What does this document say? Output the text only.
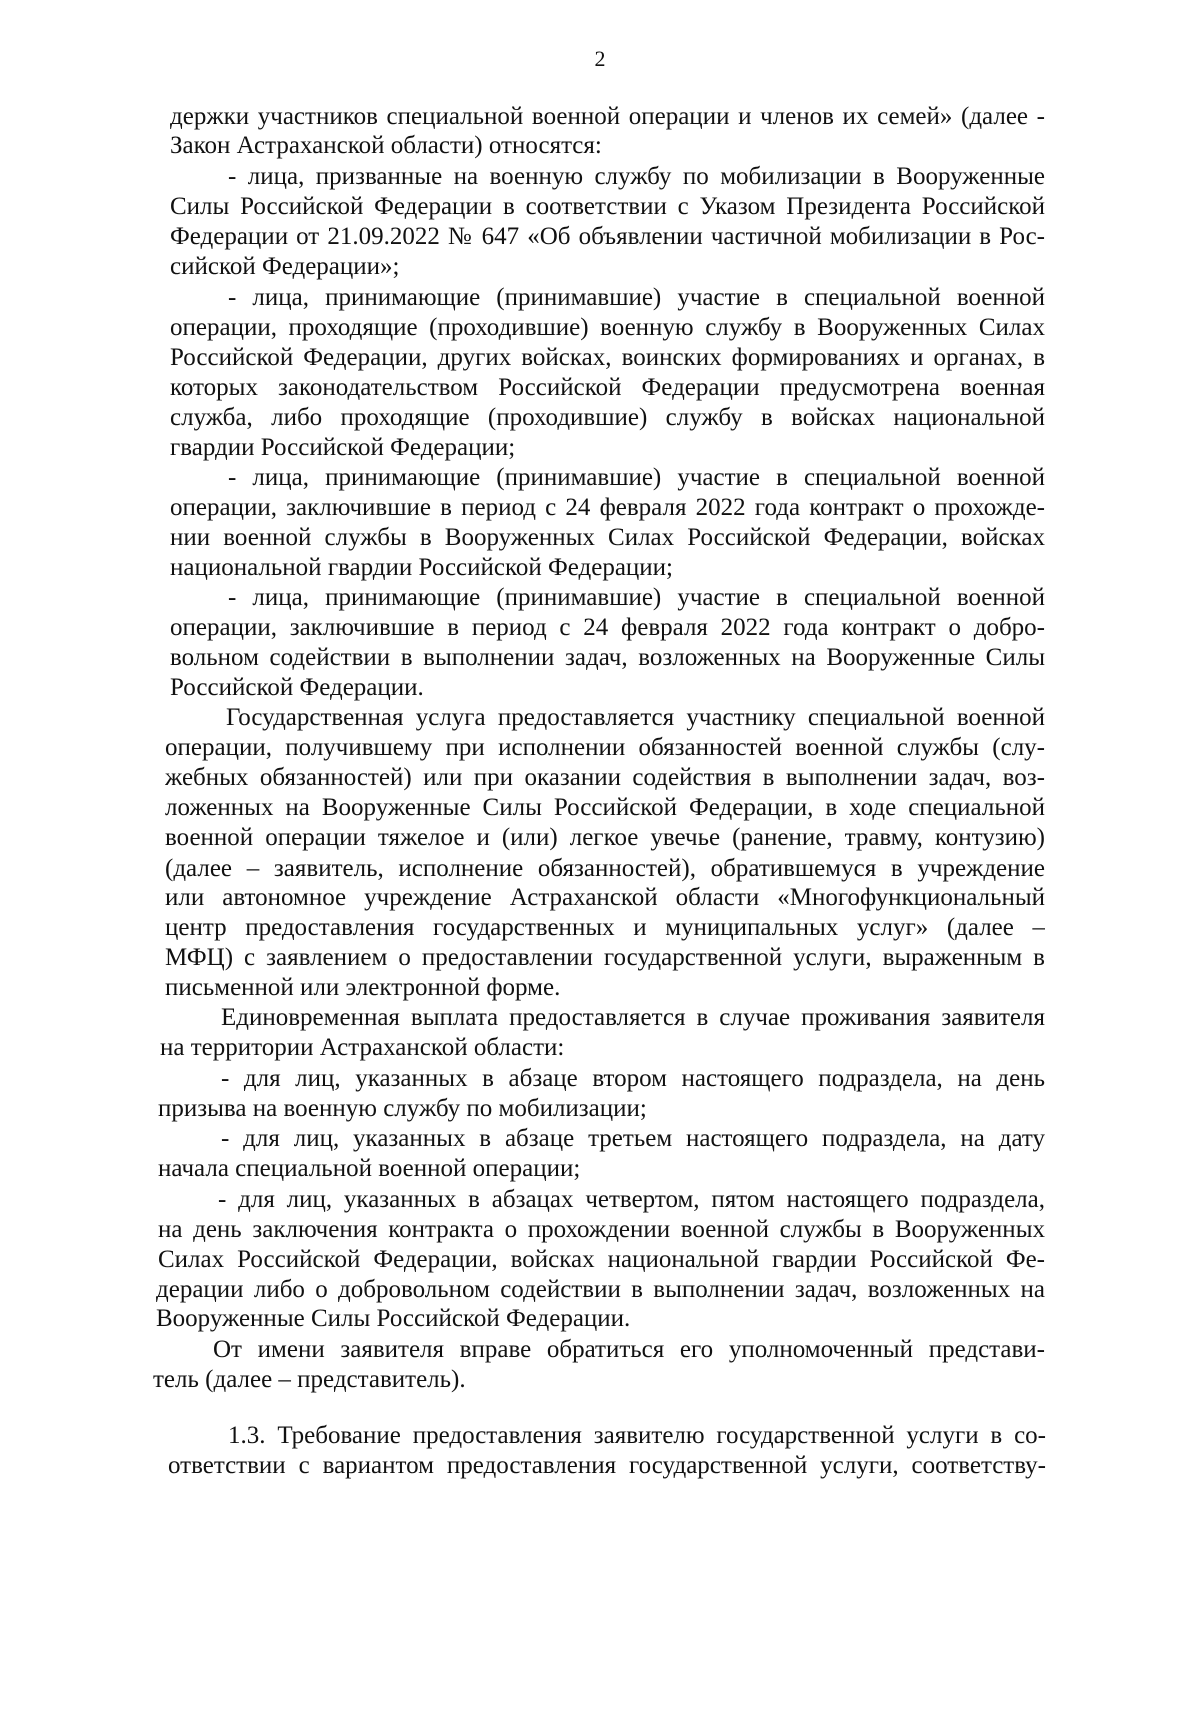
2
держки участников специальной военной операции и членов их семей» (далее -
Закон Астраханской области) относятся:
- лица, призванные на военную службу по мобилизации в Вооруженные
Силы Российской Федерации в соответствии с Указом Президента Российской
Федерации от 21.09.2022 № 647 «Об объявлении частичной мобилизации в Рос-
сийской Федерации»;
- лица, принимающие (принимавшие) участие в специальной военной
операции, проходящие (проходившие) военную службу в Вооруженных Силах
Российской Федерации, других войсках, воинских формированиях и органах, в
которых законодательством Российской Федерации предусмотрена военная
служба, либо проходящие (проходившие) службу в войсках национальной
гвардии Российской Федерации;
- лица, принимающие (принимавшие) участие в специальной военной
операции, заключившие в период с 24 февраля 2022 года контракт о прохожде-
нии военной службы в Вооруженных Силах Российской Федерации, войсках
национальной гвардии Российской Федерации;
- лица, принимающие (принимавшие) участие в специальной военной
операции, заключившие в период с 24 февраля 2022 года контракт о добро-
вольном содействии в выполнении задач, возложенных на Вооруженные Силы
Российской Федерации.
Государственная услуга предоставляется участнику специальной военной
операции, получившему при исполнении обязанностей военной службы (слу-
жебных обязанностей) или при оказании содействия в выполнении задач, воз-
ложенных на Вооруженные Силы Российской Федерации, в ходе специальной
военной операции тяжелое и (или) легкое увечье (ранение, травму, контузию)
(далее – заявитель, исполнение обязанностей), обратившемуся в учреждение
или автономное учреждение Астраханской области «Многофункциональный
центр предоставления государственных и муниципальных услуг» (далее –
МФЦ) с заявлением о предоставлении государственной услуги, выраженным в
письменной или электронной форме.
Единовременная выплата предоставляется в случае проживания заявителя
на территории Астраханской области:
- для лиц, указанных в абзаце втором настоящего подраздела, на день
призыва на военную службу по мобилизации;
- для лиц, указанных в абзаце третьем настоящего подраздела, на дату
начала специальной военной операции;
- для лиц, указанных в абзацах четвертом, пятом настоящего подраздела,
на день заключения контракта о прохождении военной службы в Вооруженных
Силах Российской Федерации, войсках национальной гвардии Российской Фе-
дерации либо о добровольном содействии в выполнении задач, возложенных на
Вооруженные Силы Российской Федерации.
От имени заявителя вправе обратиться его уполномоченный представи-
тель (далее – представитель).
1.3. Требование предоставления заявителю государственной услуги в со-
ответствии с вариантом предоставления государственной услуги, соответству-
